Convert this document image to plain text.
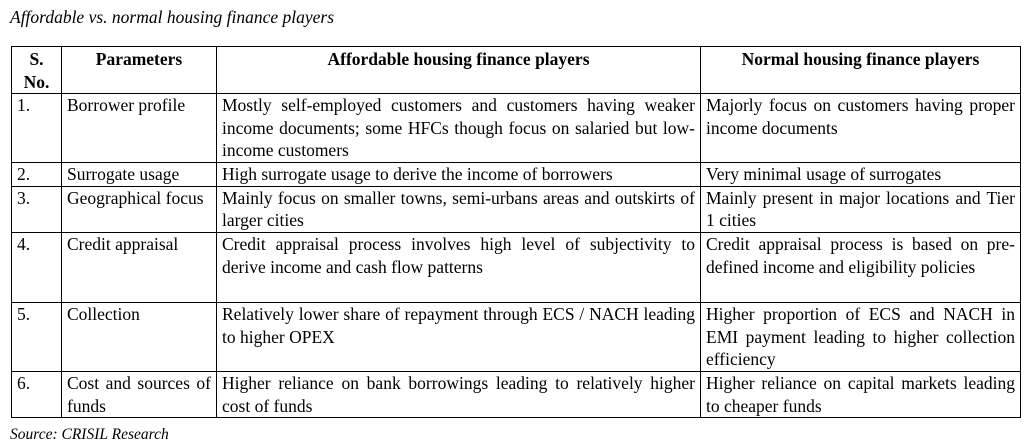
Affordable vs. normal housing finance players
S.
No.	Parameters	Affordable housing finance players	Normal housing finance players
1.	Borrower profile	Mostly self-employed customers and customers having weaker income documents; some HFCs though focus on salaried but low-income customers	Majorly focus on customers having proper income documents
2.	Surrogate usage	High surrogate usage to derive the income of borrowers	Very minimal usage of surrogates
3.	Geographical focus	Mainly focus on smaller towns, semi-urbans areas and outskirts of larger cities	Mainly present in major locations and Tier 1 cities
4.	Credit appraisal	Credit appraisal process involves high level of subjectivity to derive income and cash flow patterns	Credit appraisal process is based on pre-defined income and eligibility policies
5.	Collection	Relatively lower share of repayment through ECS / NACH leading to higher OPEX	Higher proportion of ECS and NACH in EMI payment leading to higher collection efficiency
6.	Cost and sources of funds	Higher reliance on bank borrowings leading to relatively higher cost of funds	Higher reliance on capital markets leading to cheaper funds
Source: CRISIL Research
